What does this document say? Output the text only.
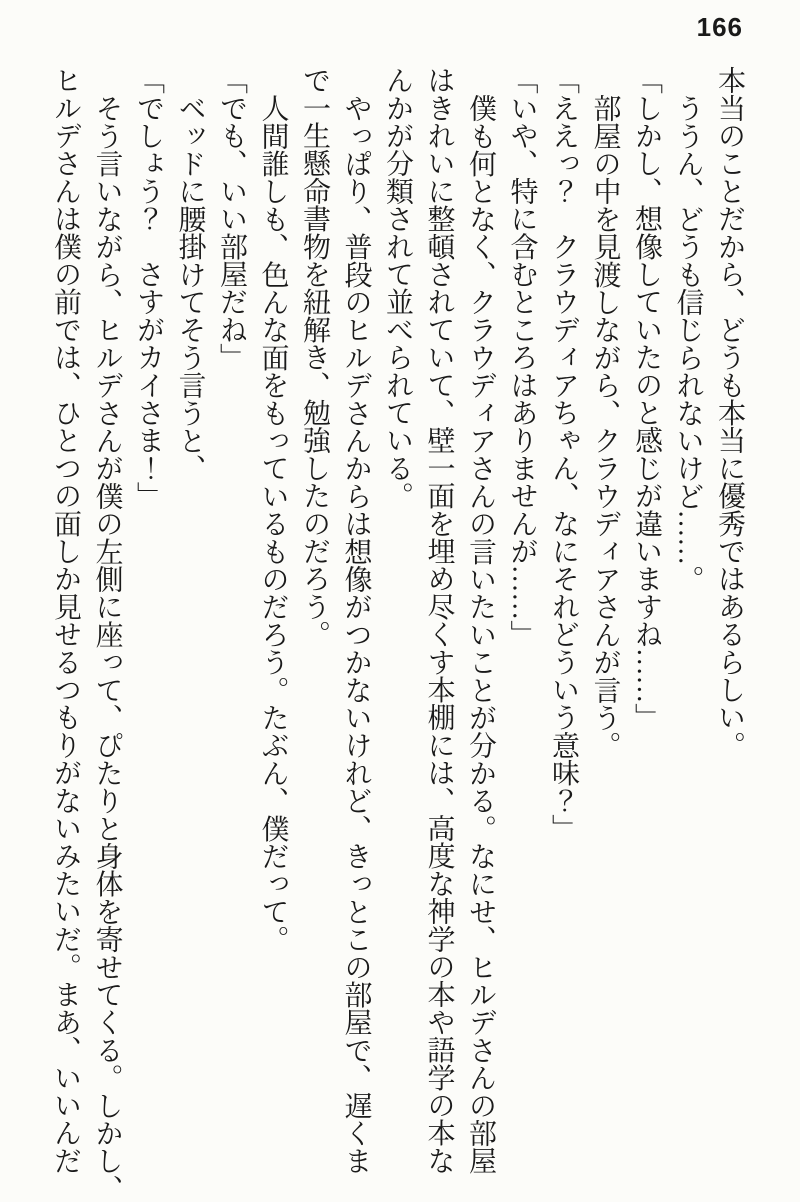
166
本当のことだから、どうも本当に優秀ではあるらしい。
ううん、どうも信じられないけど……。
「しかし、想像していたのと感じが違いますね……」
部屋の中を見渡しながら、クラウディアさんが言う。
「ええっ？　クラウディアちゃん、なにそれどういう意味？」
「いや、特に含むところはありませんが……」
僕も何となく、クラウディアさんの言いたいことが分かる。なにせ、ヒルデさんの部屋
はきれいに整頓されていて、壁一面を埋め尽くす本棚には、高度な神学の本や語学の本な
んかが分類されて並べられている。
やっぱり、普段のヒルデさんからは想像がつかないけれど、きっとこの部屋で、遅くま
で一生懸命書物を紐解き、勉強したのだろう。
人間誰しも、色んな面をもっているものだろう。たぶん、僕だって。
「でも、いい部屋だね」
ベッドに腰掛けてそう言うと、
「でしょう？　さすがカイさま！」
そう言いながら、ヒルデさんが僕の左側に座って、ぴたりと身体を寄せてくる。しかし、
ヒルデさんは僕の前では、ひとつの面しか見せるつもりがないみたいだ。まあ、いいんだ
